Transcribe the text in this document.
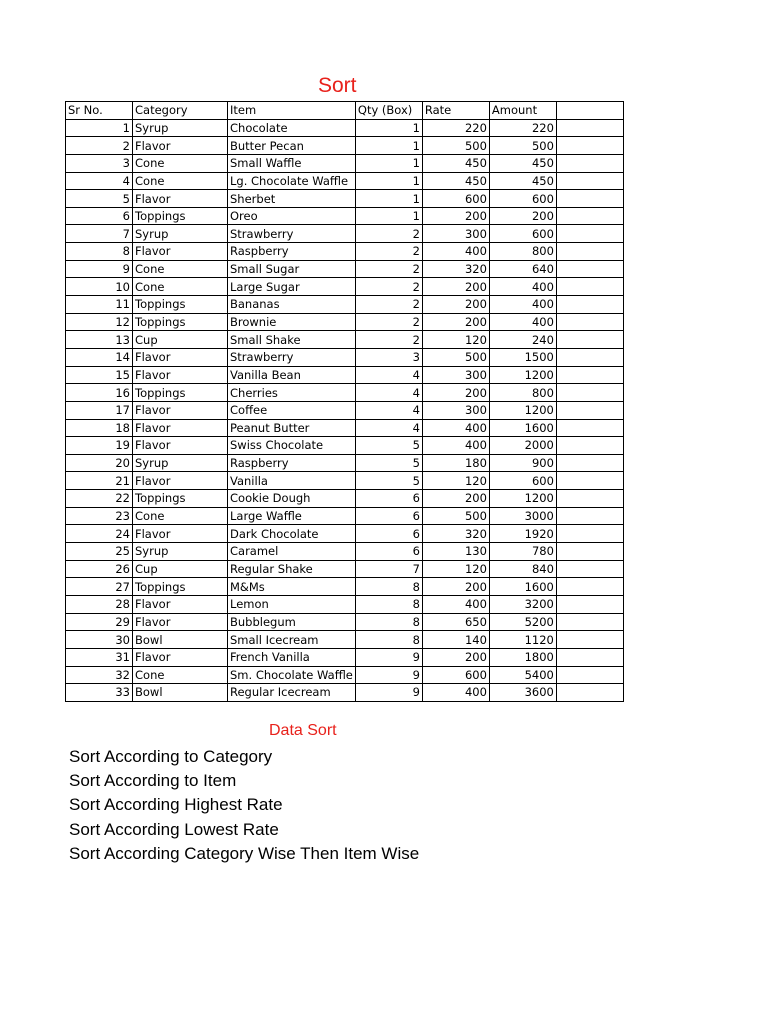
Sort
Sr No.	Category	Item	Qty (Box)	Rate	Amount	
1	Syrup	Chocolate	1	220	220	
2	Flavor	Butter Pecan	1	500	500	
3	Cone	Small Waffle	1	450	450	
4	Cone	Lg. Chocolate Waffle	1	450	450	
5	Flavor	Sherbet	1	600	600	
6	Toppings	Oreo	1	200	200	
7	Syrup	Strawberry	2	300	600	
8	Flavor	Raspberry	2	400	800	
9	Cone	Small Sugar	2	320	640	
10	Cone	Large Sugar	2	200	400	
11	Toppings	Bananas	2	200	400	
12	Toppings	Brownie	2	200	400	
13	Cup	Small Shake	2	120	240	
14	Flavor	Strawberry	3	500	1500	
15	Flavor	Vanilla Bean	4	300	1200	
16	Toppings	Cherries	4	200	800	
17	Flavor	Coffee	4	300	1200	
18	Flavor	Peanut Butter	4	400	1600	
19	Flavor	Swiss Chocolate	5	400	2000	
20	Syrup	Raspberry	5	180	900	
21	Flavor	Vanilla	5	120	600	
22	Toppings	Cookie Dough	6	200	1200	
23	Cone	Large Waffle	6	500	3000	
24	Flavor	Dark Chocolate	6	320	1920	
25	Syrup	Caramel	6	130	780	
26	Cup	Regular Shake	7	120	840	
27	Toppings	M&Ms	8	200	1600	
28	Flavor	Lemon	8	400	3200	
29	Flavor	Bubblegum	8	650	5200	
30	Bowl	Small Icecream	8	140	1120	
31	Flavor	French Vanilla	9	200	1800	
32	Cone	Sm. Chocolate Waffle	9	600	5400	
33	Bowl	Regular Icecream	9	400	3600	
Data Sort
Sort According to Category
Sort According to Item
Sort According Highest Rate
Sort According Lowest Rate
Sort According Category Wise Then Item Wise
